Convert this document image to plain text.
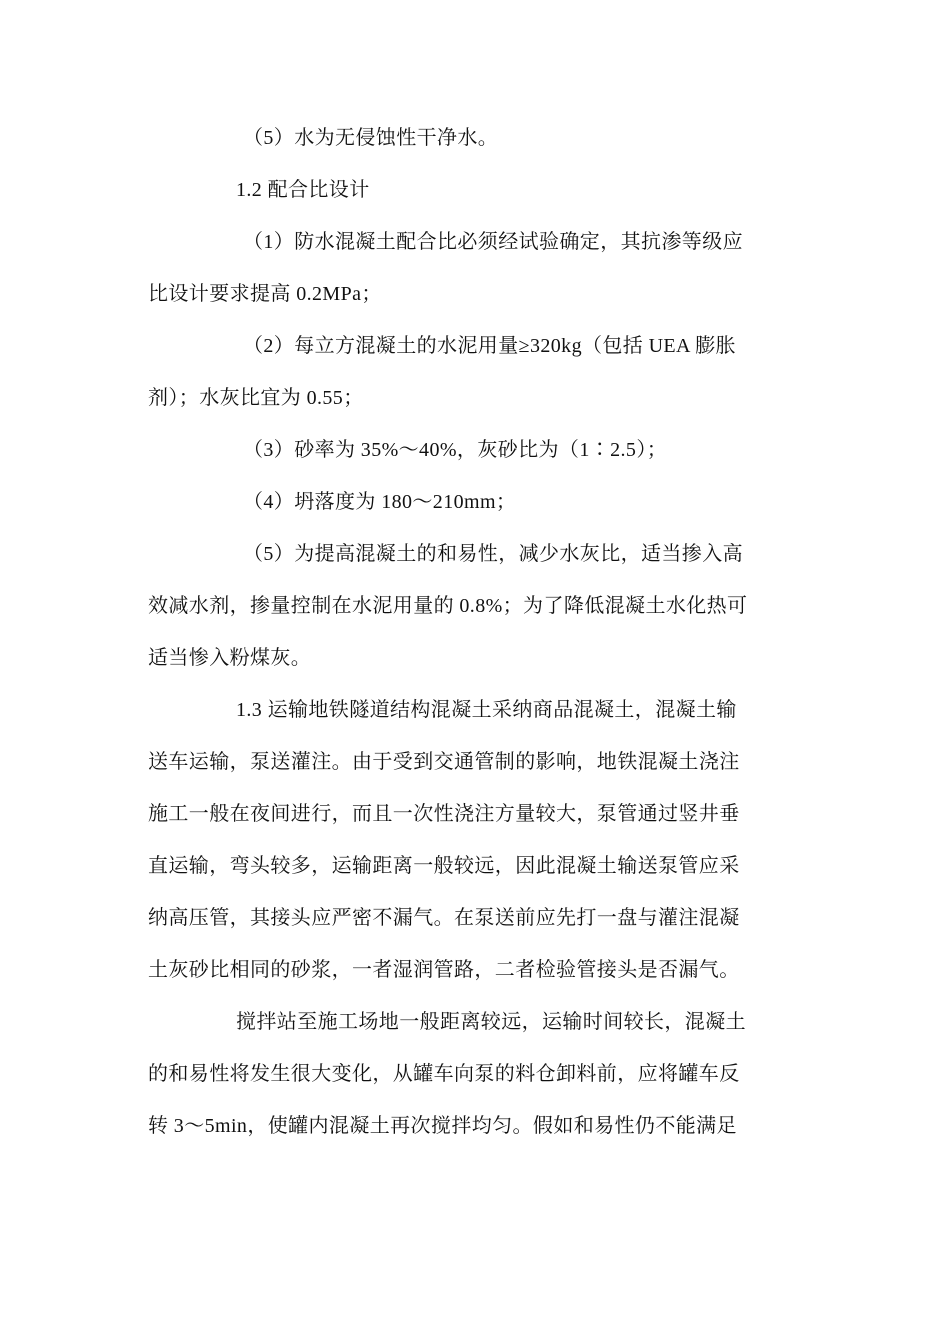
（5）水为无侵蚀性干净水。
1.2 配合比设计
（1）防水混凝土配合比必须经试验确定，其抗渗等级应
比设计要求提高 0.2MPa；
（2）每立方混凝土的水泥用量≥320kg（包括 UEA 膨胀
剂）；水灰比宜为 0.55；
（3）砂率为 35%～40%，灰砂比为（1∶2.5）；
（4）坍落度为 180～210mm；
（5）为提高混凝土的和易性，减少水灰比，适当掺入高
效减水剂，掺量控制在水泥用量的 0.8%；为了降低混凝土水化热可
适当惨入粉煤灰。
1.3 运输地铁隧道结构混凝土采纳商品混凝土，混凝土输
送车运输，泵送灌注。由于受到交通管制的影响，地铁混凝土浇注
施工一般在夜间进行，而且一次性浇注方量较大，泵管通过竖井垂
直运输，弯头较多，运输距离一般较远，因此混凝土输送泵管应采
纳高压管，其接头应严密不漏气。在泵送前应先打一盘与灌注混凝
土灰砂比相同的砂浆，一者湿润管路，二者检验管接头是否漏气。
搅拌站至施工场地一般距离较远，运输时间较长，混凝土
的和易性将发生很大变化，从罐车向泵的料仓卸料前，应将罐车反
转 3～5min，使罐内混凝土再次搅拌均匀。假如和易性仍不能满足
